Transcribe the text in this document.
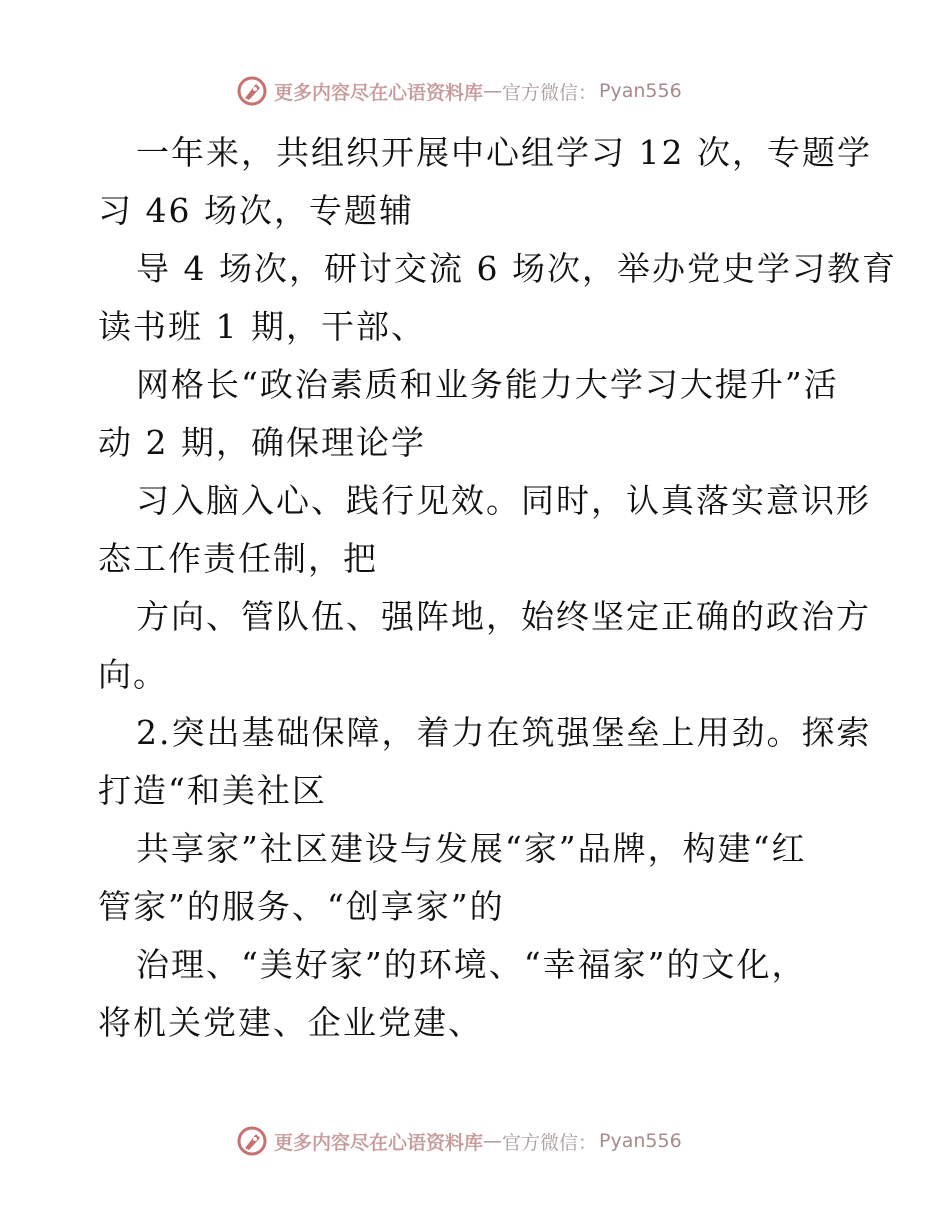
更多内容尽在心语资料库 — 官方微信： Pyan556
一年来，共组织开展中心组学习 12 次，专题学
习 46 场次，专题辅
导 4 场次，研讨交流 6 场次，举办党史学习教育
读书班 1 期，干部、
网格长“政治素质和业务能力大学习大提升”活
动 2 期，确保理论学
习入脑入心、践行见效。同时，认真落实意识形
态工作责任制，把
方向、管队伍、强阵地，始终坚定正确的政治方
向。
2.突出基础保障，着力在筑强堡垒上用劲。探索
打造“和美社区
共享家”社区建设与发展“家”品牌，构建“红
管家”的服务、“创享家”的
治理、“美好家”的环境、“幸福家”的文化，
将机关党建、企业党建、
更多内容尽在心语资料库 — 官方微信： Pyan556
